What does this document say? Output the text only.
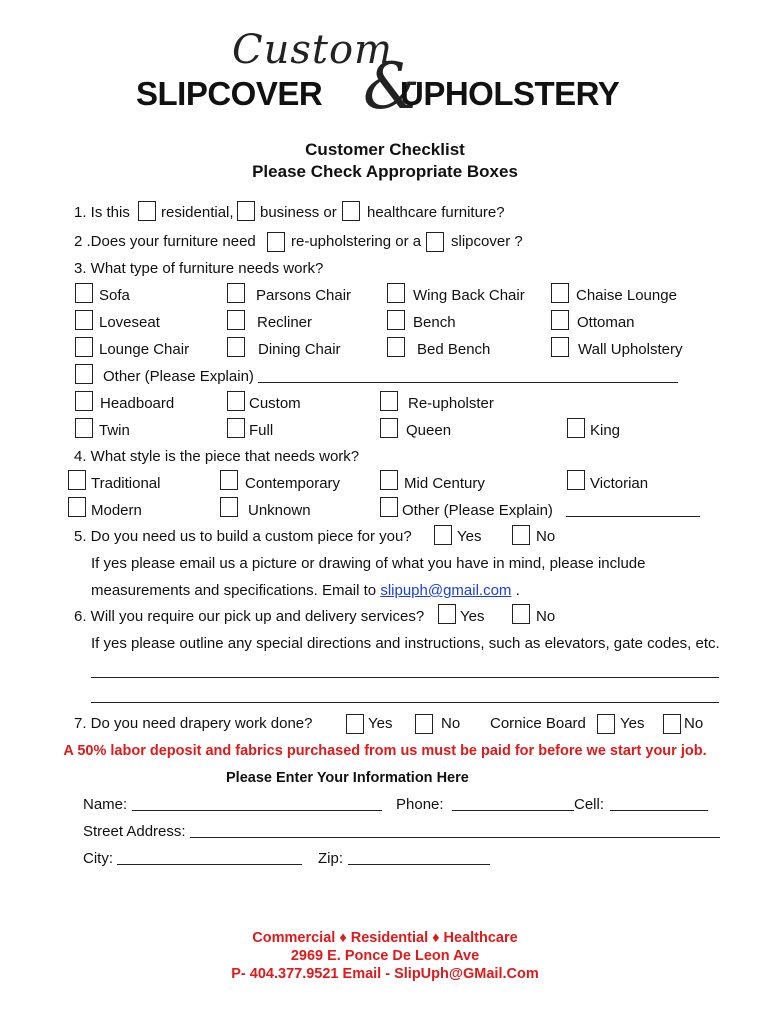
Custom
SLIPCOVER &
UPHOLSTERY
Customer Checklist
Please Check Appropriate Boxes
1. Is this residential, business or healthcare furniture?
2 .Does your furniture need re-upholstering or a slipcover ?
3. What type of furniture needs work?
Sofa	Parsons Chair	Wing Back Chair	Chaise Lounge
Loveseat	Recliner	Bench	Ottoman
Lounge Chair	Dining Chair	Bed Bench	Wall Upholstery
Other (Please Explain)
Headboard	Custom	Re-upholster
Twin	Full	Queen	King
4. What style is the piece that needs work?
Traditional	Contemporary	Mid Century	Victorian
Modern	Unknown	Other (Please Explain)
5. Do you need us to build a custom piece for you?	Yes	No
If yes please email us a picture or drawing of what you have in mind, please include
measurements and specifications. Email to slipuph@gmail.com .
6. Will you require our pick up and delivery services? Yes	No
If yes please outline any special directions and instructions, such as elevators, gate codes, etc.
7. Do you need drapery work done?	Yes	No Cornice Board Yes	No
A 50% labor deposit and fabrics purchased from us must be paid for before we start your job.
Please Enter Your Information Here
Name:	Phone:	Cell:
Street Address:
City:	Zip:
Commercial ♦ Residential ♦ Healthcare
2969 E. Ponce De Leon Ave
P- 404.377.9521 Email - SlipUph@GMail.Com
